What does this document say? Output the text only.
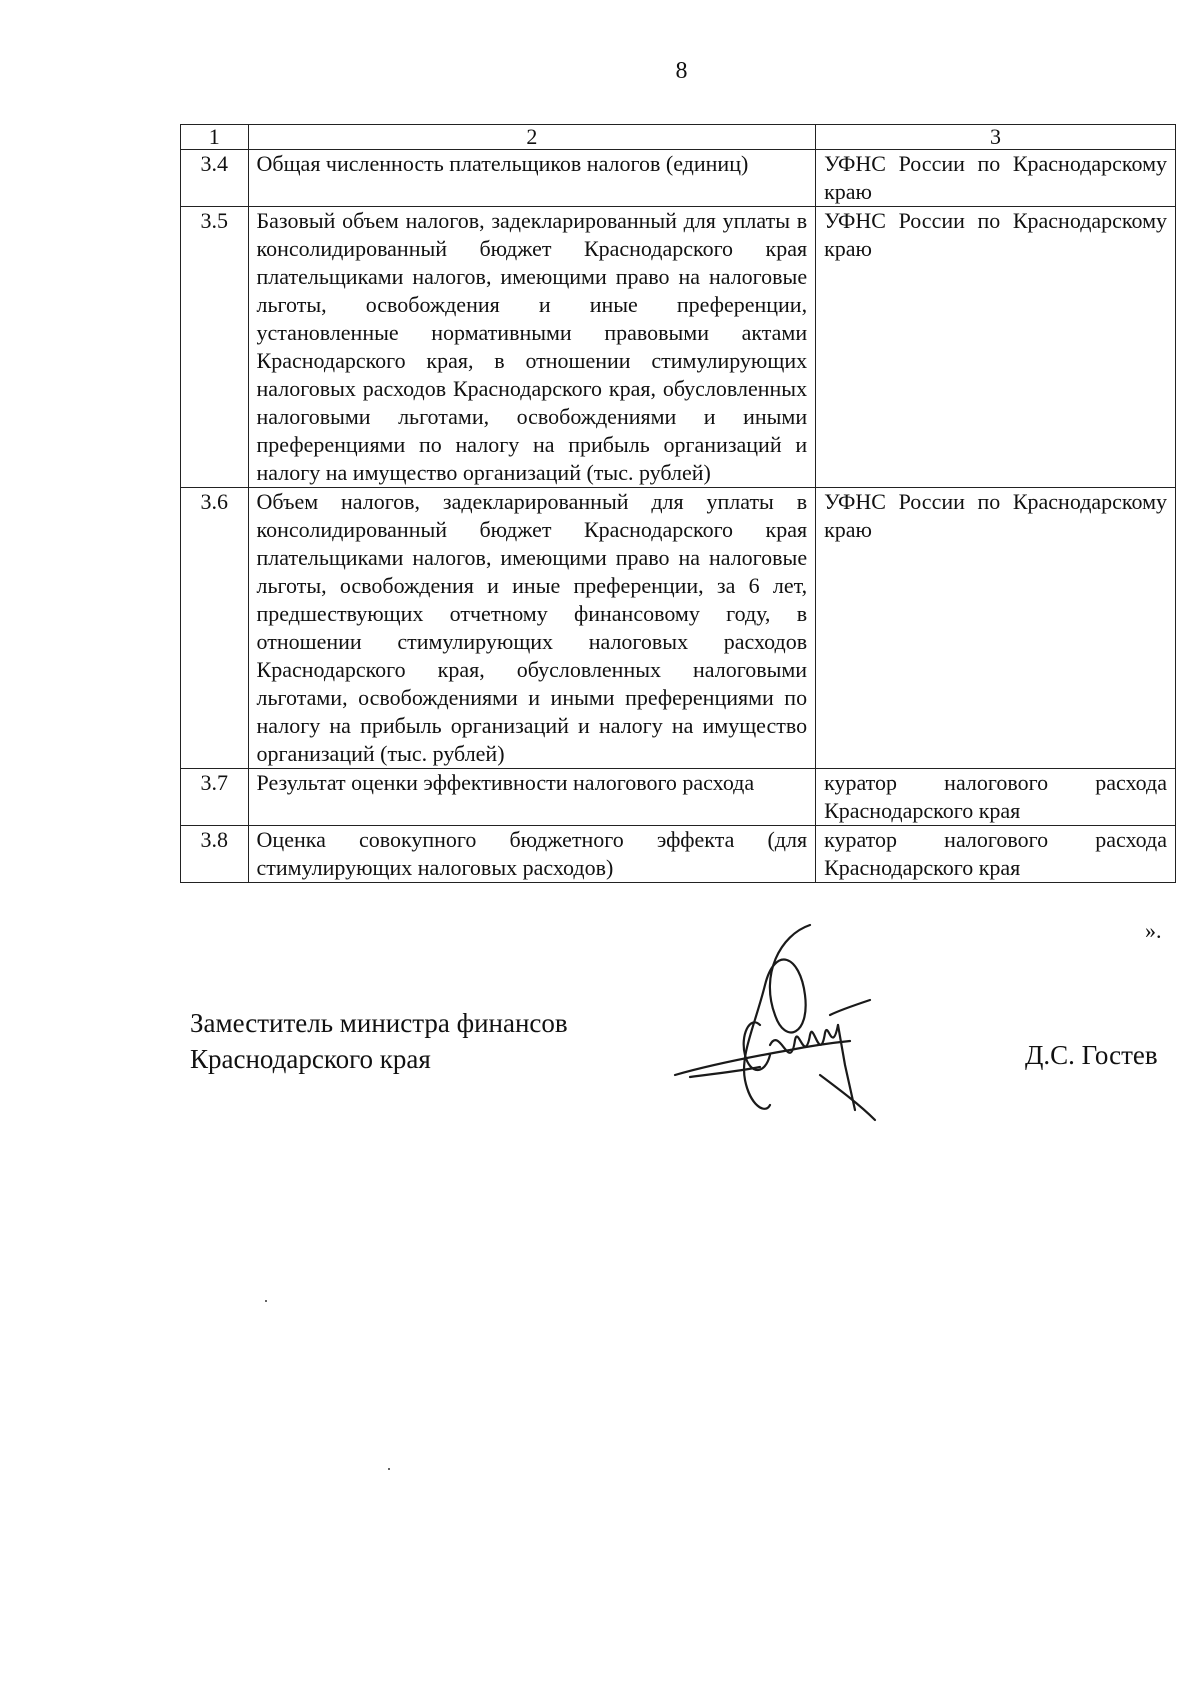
8
1	2	3
3.4	Общая численность плательщиков налогов (единиц)	УФНС России по Краснодарскому краю
3.5	Базовый объем налогов, задекларированный для уплаты в консолидированный бюджет Краснодарского края плательщиками налогов, имеющими право на налоговые льготы, освобождения и иные преференции, установленные нормативными правовыми актами Краснодарского края, в отношении стимулирующих налоговых расходов Краснодарского края, обусловленных налоговыми льготами, освобождениями и иными преференциями по налогу на прибыль организаций и налогу на имущество организаций (тыс. рублей)	УФНС России по Краснодарскому краю
3.6	Объем налогов, задекларированный для уплаты в консолидированный бюджет Краснодарского края плательщиками налогов, имеющими право на налоговые льготы, освобождения и иные преференции, за 6 лет, предшествующих отчетному финансовому году, в отношении стимулирующих налоговых расходов Краснодарского края, обусловленных налоговыми льготами, освобождениями и иными преференциями по налогу на прибыль организаций и налогу на имущество организаций (тыс. рублей)	УФНС России по Краснодарскому краю
3.7	Результат оценки эффективности налогового расхода	куратор налогового расхода Краснодарского края
3.8	Оценка совокупного бюджетного эффекта (для стимулирующих налоговых расходов)	куратор налогового расхода Краснодарского края
».
Заместитель министра финансов
Краснодарского края	Д.С. Гостев
